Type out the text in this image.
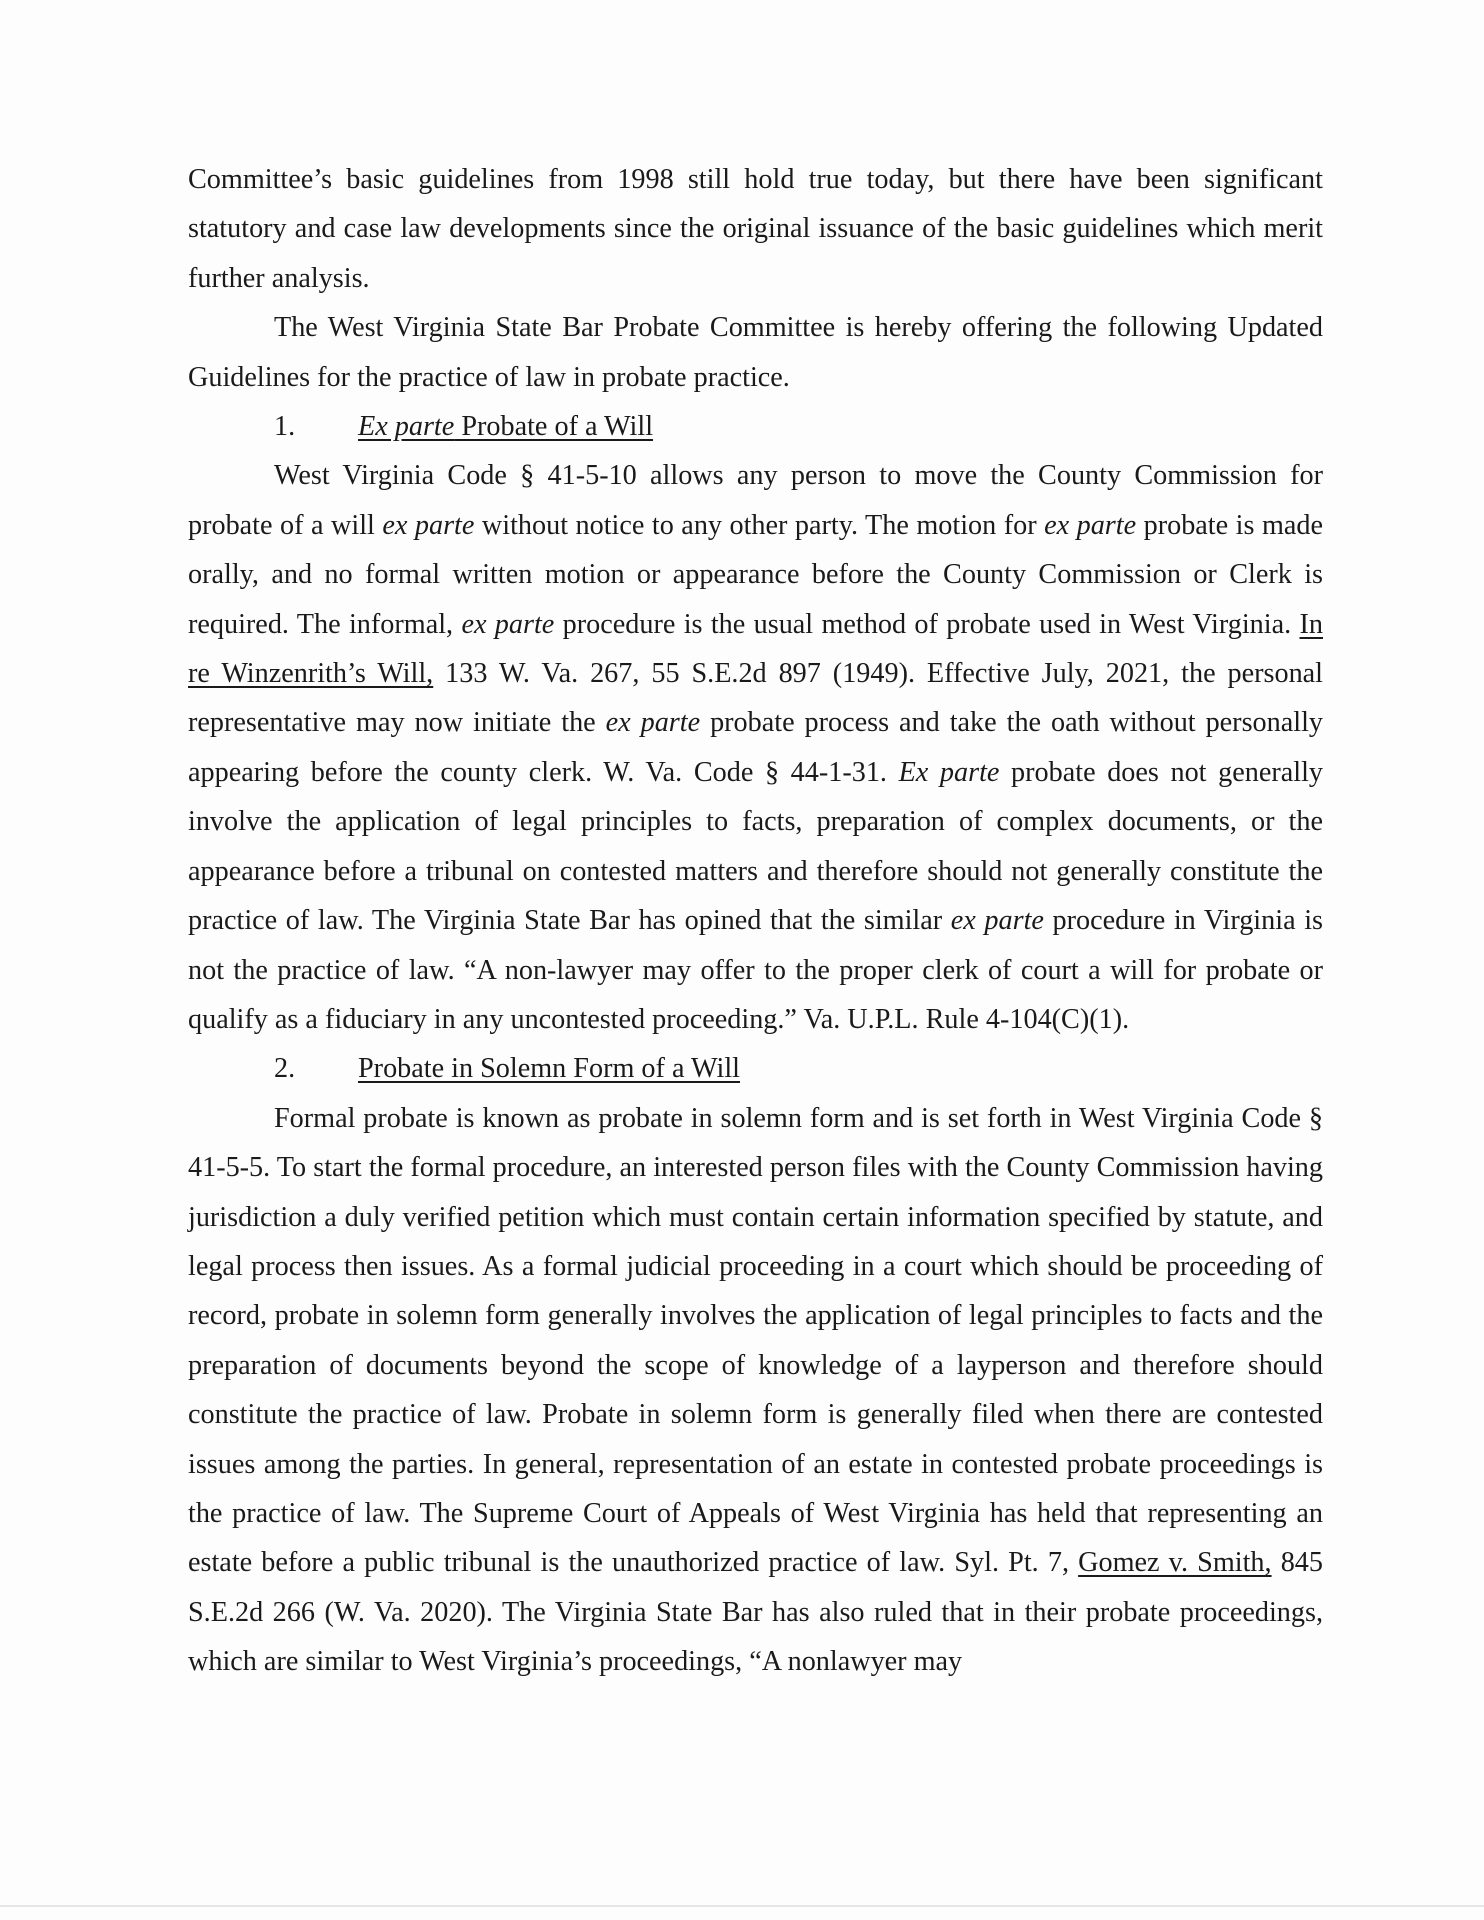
Committee’s basic guidelines from 1998 still hold true today, but there have been significant statutory and case law developments since the original issuance of the basic guidelines which merit further analysis.

The West Virginia State Bar Probate Committee is hereby offering the following Updated Guidelines for the practice of law in probate practice.

1. Ex parte Probate of a Will

West Virginia Code § 41-5-10 allows any person to move the County Commission for probate of a will ex parte without notice to any other party. The motion for ex parte probate is made orally, and no formal written motion or appearance before the County Commission or Clerk is required. The informal, ex parte procedure is the usual method of probate used in West Virginia. In re Winzenrith’s Will, 133 W. Va. 267, 55 S.E.2d 897 (1949). Effective July, 2021, the personal representative may now initiate the ex parte probate process and take the oath without personally appearing before the county clerk. W. Va. Code § 44-1-31. Ex parte probate does not generally involve the application of legal principles to facts, preparation of complex documents, or the appearance before a tribunal on contested matters and therefore should not generally constitute the practice of law. The Virginia State Bar has opined that the similar ex parte procedure in Virginia is not the practice of law. “A non-lawyer may offer to the proper clerk of court a will for probate or qualify as a fiduciary in any uncontested proceeding.” Va. U.P.L. Rule 4-104(C)(1).

2. Probate in Solemn Form of a Will

Formal probate is known as probate in solemn form and is set forth in West Virginia Code § 41-5-5. To start the formal procedure, an interested person files with the County Commission having jurisdiction a duly verified petition which must contain certain information specified by statute, and legal process then issues. As a formal judicial proceeding in a court which should be proceeding of record, probate in solemn form generally involves the application of legal principles to facts and the preparation of documents beyond the scope of knowledge of a layperson and therefore should constitute the practice of law. Probate in solemn form is generally filed when there are contested issues among the parties. In general, representation of an estate in contested probate proceedings is the practice of law. The Supreme Court of Appeals of West Virginia has held that representing an estate before a public tribunal is the unauthorized practice of law. Syl. Pt. 7, Gomez v. Smith, 845 S.E.2d 266 (W. Va. 2020). The Virginia State Bar has also ruled that in their probate proceedings, which are similar to West Virginia’s proceedings, “A nonlawyer may
